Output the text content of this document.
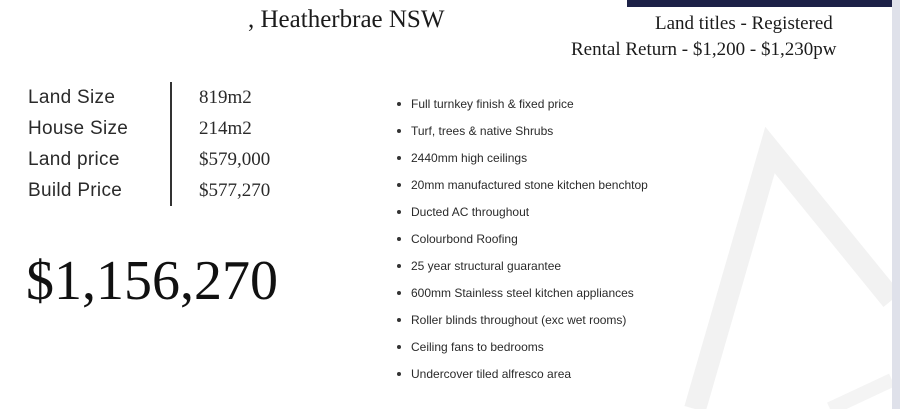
, Heatherbrae NSW	Land titles - Registered
Rental Return - $1,200 - $1,230pw
Land Size
House Size
Land price
Build Price
819m2
214m2
$579,000
$577,270
$1,156,270
Full turnkey finish & fixed price
Turf, trees & native Shrubs
2440mm high ceilings
20mm manufactured stone kitchen benchtop
Ducted AC throughout
Colourbond Roofing
25 year structural guarantee
600mm Stainless steel kitchen appliances
Roller blinds throughout (exc wet rooms)
Ceiling fans to bedrooms
Undercover tiled alfresco area
